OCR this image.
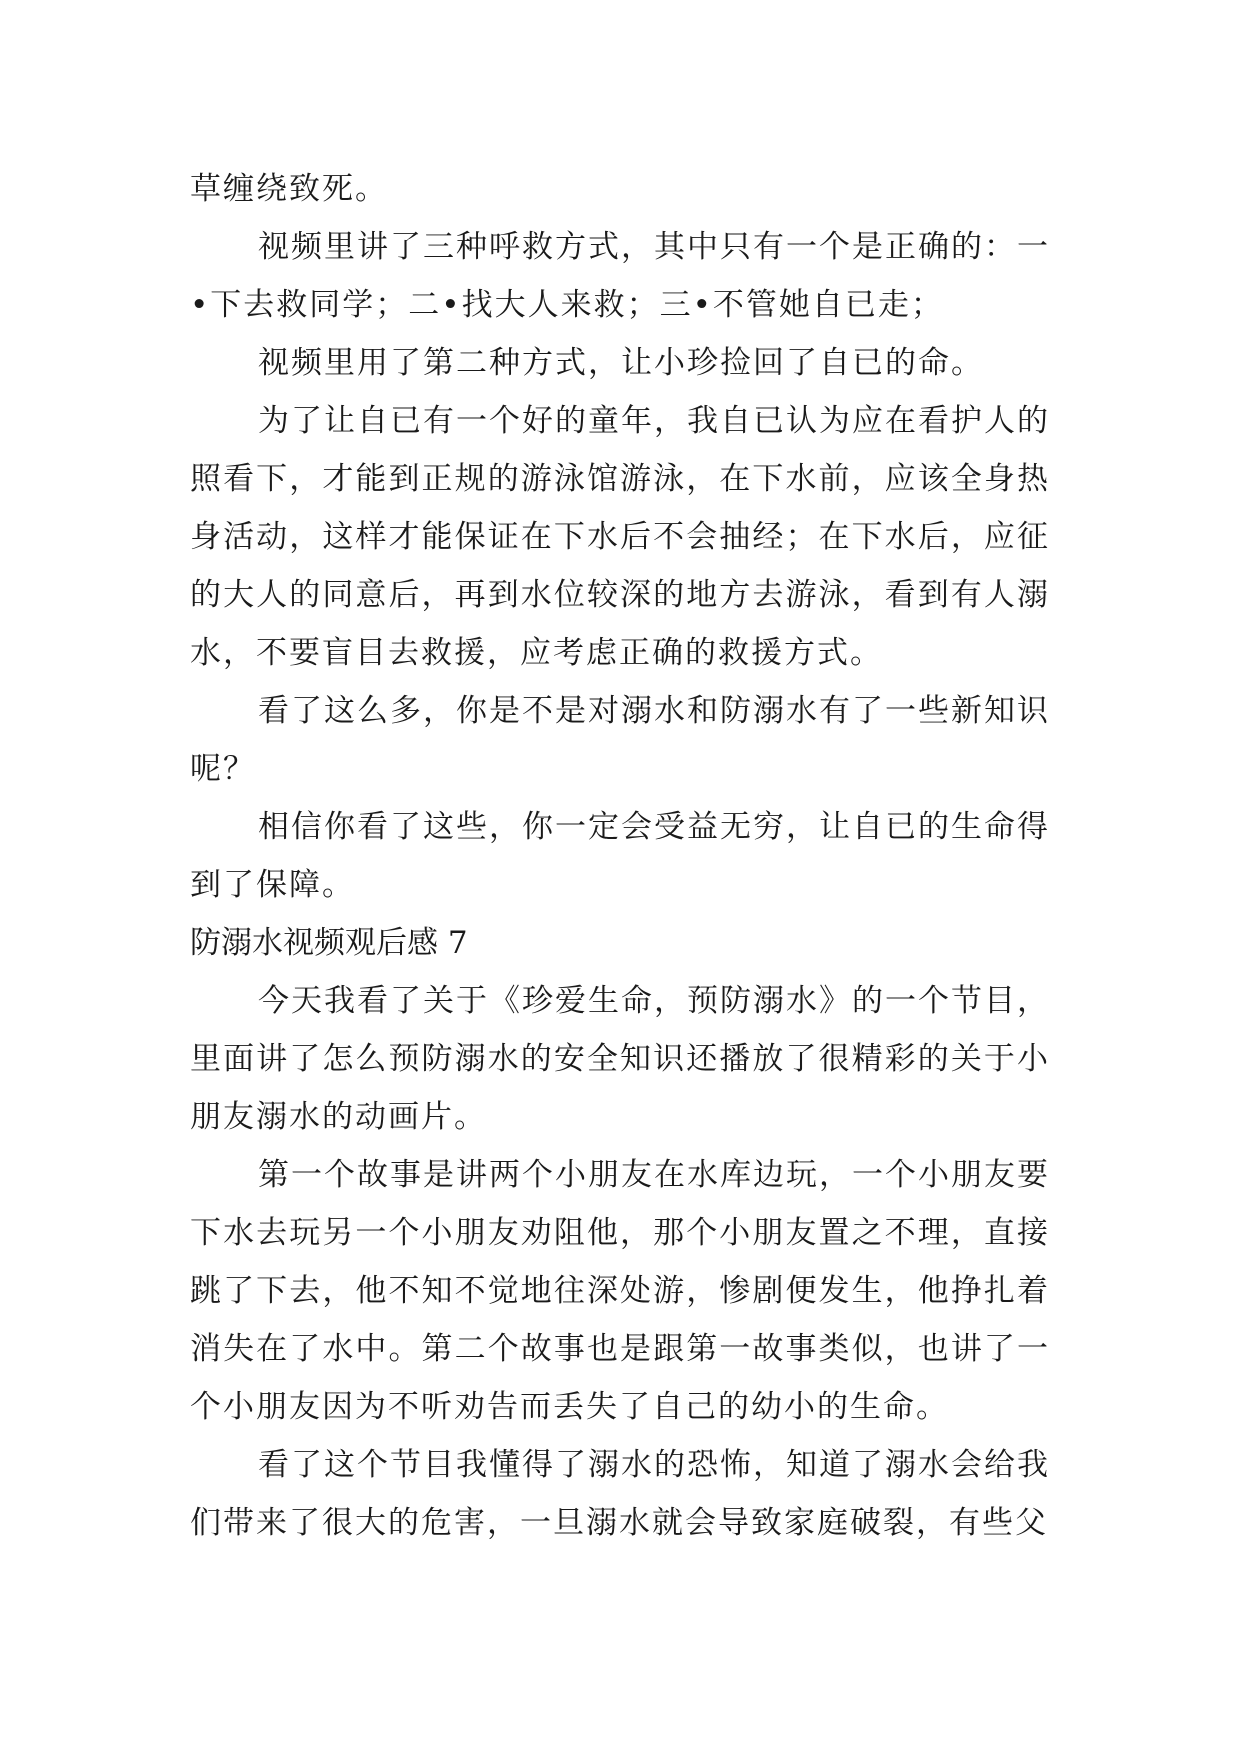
草缠绕致死。

视频里讲了三种呼救方式，其中只有一个是正确的：一•下去救同学；二•找大人来救；三•不管她自已走；

视频里用了第二种方式，让小珍捡回了自已的命。

为了让自已有一个好的童年，我自已认为应在看护人的照看下，才能到正规的游泳馆游泳，在下水前，应该全身热身活动，这样才能保证在下水后不会抽经；在下水后，应征的大人的同意后，再到水位较深的地方去游泳，看到有人溺水，不要盲目去救援，应考虑正确的救援方式。

看了这么多，你是不是对溺水和防溺水有了一些新知识呢？

相信你看了这些，你一定会受益无穷，让自已的生命得到了保障。

防溺水视频观后感 7

今天我看了关于《珍爱生命，预防溺水》的一个节目，里面讲了怎么预防溺水的安全知识还播放了很精彩的关于小朋友溺水的动画片。

第一个故事是讲两个小朋友在水库边玩，一个小朋友要下水去玩另一个小朋友劝阻他，那个小朋友置之不理，直接跳了下去，他不知不觉地往深处游，惨剧便发生，他挣扎着消失在了水中。第二个故事也是跟第一故事类似，也讲了一个小朋友因为不听劝告而丢失了自己的幼小的生命。

看了这个节目我懂得了溺水的恐怖，知道了溺水会给我们带来了很大的危害，一旦溺水就会导致家庭破裂，有些父
